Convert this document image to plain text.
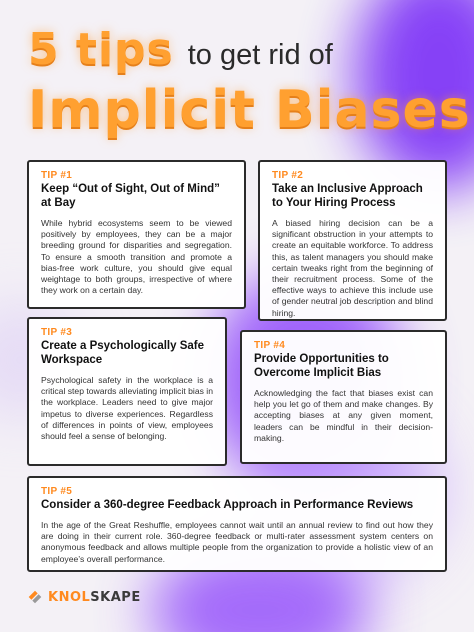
5 tips to get rid of
Implicit Biases
TIP #1
Keep “Out of Sight, Out of Mind” at Bay
While hybrid ecosystems seem to be viewed positively by employees, they can be a major breeding ground for disparities and segregation. To ensure a smooth transition and promote a bias-free work culture, you should give equal weightage to both groups, irrespective of where they work on a certain day.
TIP #2
Take an Inclusive Approach to Your Hiring Process
A biased hiring decision can be a significant obstruction in your attempts to create an equitable workforce. To address this, as talent managers you should make certain tweaks right from the beginning of their recruitment process. Some of the effective ways to achieve this include use of gender neutral job description and blind hiring.
TIP #3
Create a Psychologically Safe Workspace
Psychological safety in the workplace is a critical step towards alleviating implicit bias in the workplace. Leaders need to give major impetus to diverse experiences. Regardless of differences in points of view, employees should feel a sense of belonging.
TIP #4
Provide Opportunities to Overcome Implicit Bias
Acknowledging the fact that biases exist can help you let go of them and make changes. By accepting biases at any given moment, leaders can be mindful in their decision-making.
TIP #5
Consider a 360-degree Feedback Approach in Performance Reviews
In the age of the Great Reshuffle, employees cannot wait until an annual review to find out how they are doing in their current role. 360-degree feedback or multi-rater assessment system centers on anonymous feedback and allows multiple people from the organization to provide a holistic view of an employee’s overall performance.
KNOLSKAPE
